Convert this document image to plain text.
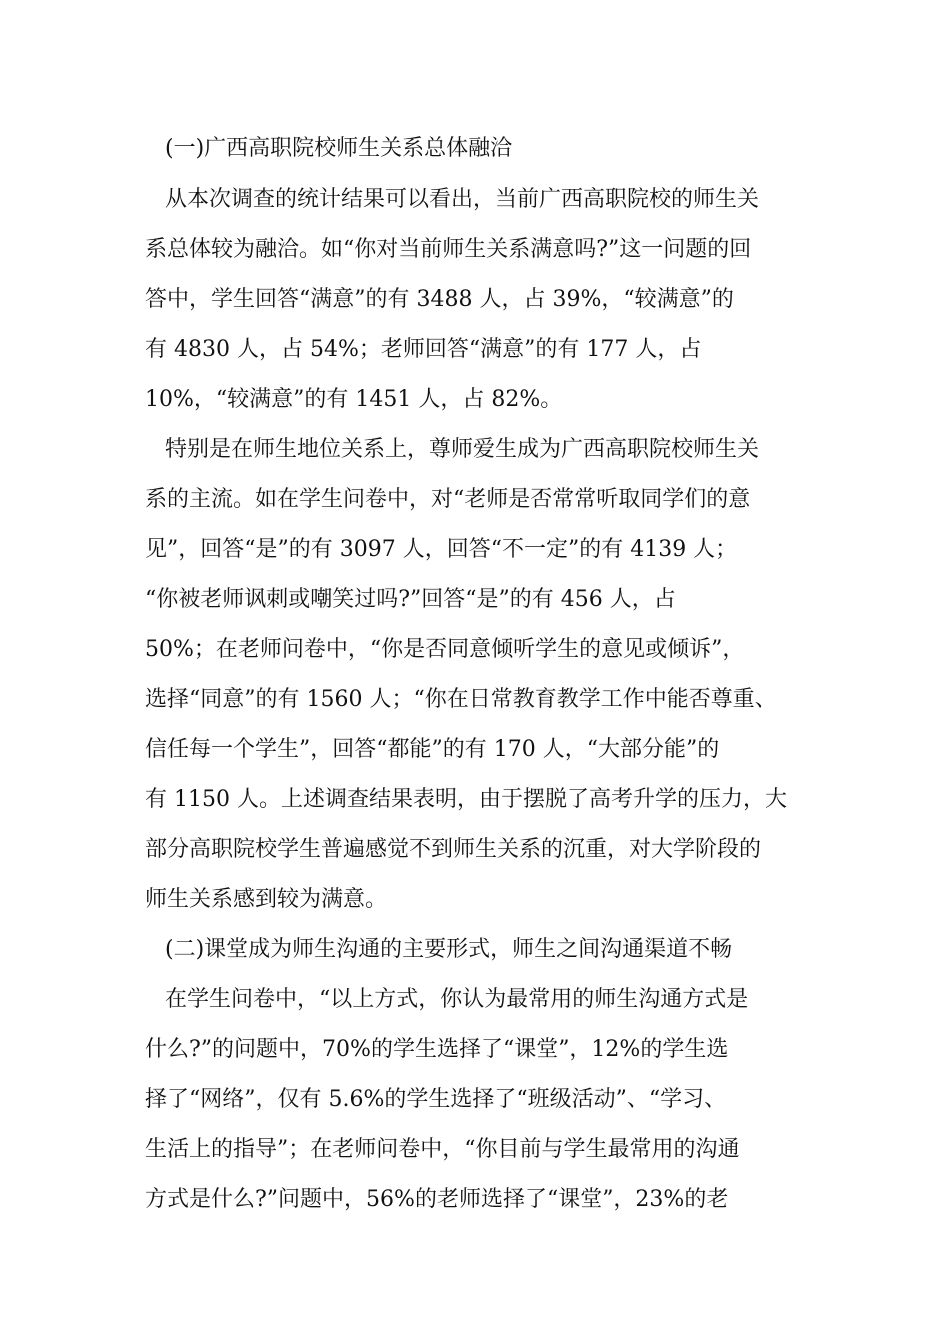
(一)广西高职院校师生关系总体融洽
从本次调查的统计结果可以看出，当前广西高职院校的师生关
系总体较为融洽。如“你对当前师生关系满意吗?”这一问题的回
答中，学生回答“满意”的有 3488 人，占 39%，“较满意”的
有 4830 人，占 54%；老师回答“满意”的有 177 人，占
10%，“较满意”的有 1451 人，占 82%。
特别是在师生地位关系上，尊师爱生成为广西高职院校师生关
系的主流。如在学生问卷中，对“老师是否常常听取同学们的意
见”，回答“是”的有 3097 人，回答“不一定”的有 4139 人；
“你被老师讽刺或嘲笑过吗?”回答“是”的有 456 人，占
50%；在老师问卷中，“你是否同意倾听学生的意见或倾诉”，
选择“同意”的有 1560 人；“你在日常教育教学工作中能否尊重、
信任每一个学生”，回答“都能”的有 170 人，“大部分能”的
有 1150 人。上述调查结果表明，由于摆脱了高考升学的压力，大
部分高职院校学生普遍感觉不到师生关系的沉重，对大学阶段的
师生关系感到较为满意。
(二)课堂成为师生沟通的主要形式，师生之间沟通渠道不畅
在学生问卷中，“以上方式，你认为最常用的师生沟通方式是
什么?”的问题中，70%的学生选择了“课堂”，12%的学生选
择了“网络”，仅有 5.6%的学生选择了“班级活动”、“学习、
生活上的指导”；在老师问卷中，“你目前与学生最常用的沟通
方式是什么?”问题中，56%的老师选择了“课堂”，23%的老
